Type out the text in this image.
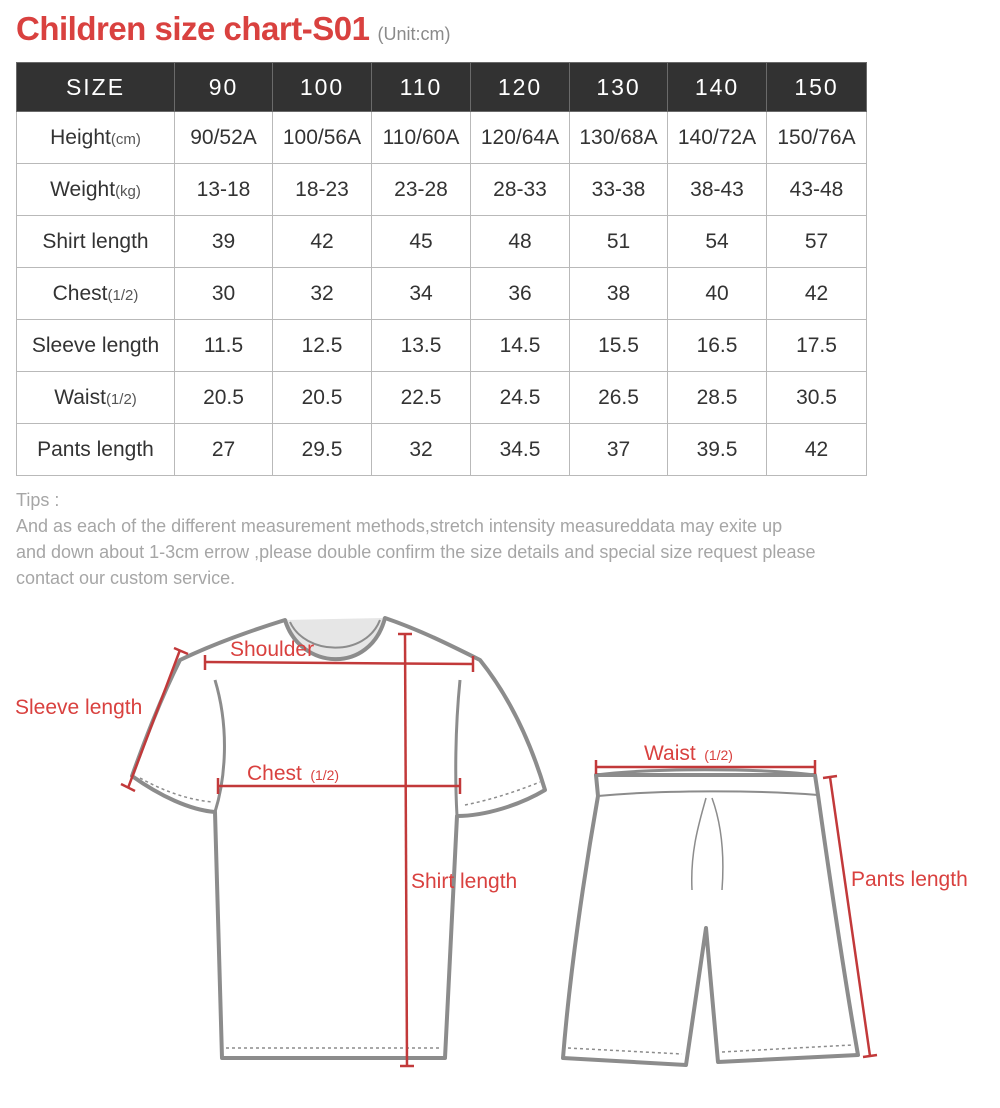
Children size chart-S01 (Unit:cm)
SIZE	90	100	110	120	130	140	150
Height(cm)	90/52A	100/56A	110/60A	120/64A	130/68A	140/72A	150/76A
Weight(kg)	13-18	18-23	23-28	28-33	33-38	38-43	43-48
Shirt length	39	42	45	48	51	54	57
Chest(1/2)	30	32	34	36	38	40	42
Sleeve length	11.5	12.5	13.5	14.5	15.5	16.5	17.5
Waist(1/2)	20.5	20.5	22.5	24.5	26.5	28.5	30.5
Pants length	27	29.5	32	34.5	37	39.5	42

Tips :

And as each of the different measurement methods,stretch intensity measureddata may exite up

and down about 1-3cm errow ,please double confirm the size details and special size request please

contact our custom service.

Shoulder
Sleeve length
Chest (1/2)
Shirt length
Waist (1/2)
Pants length
